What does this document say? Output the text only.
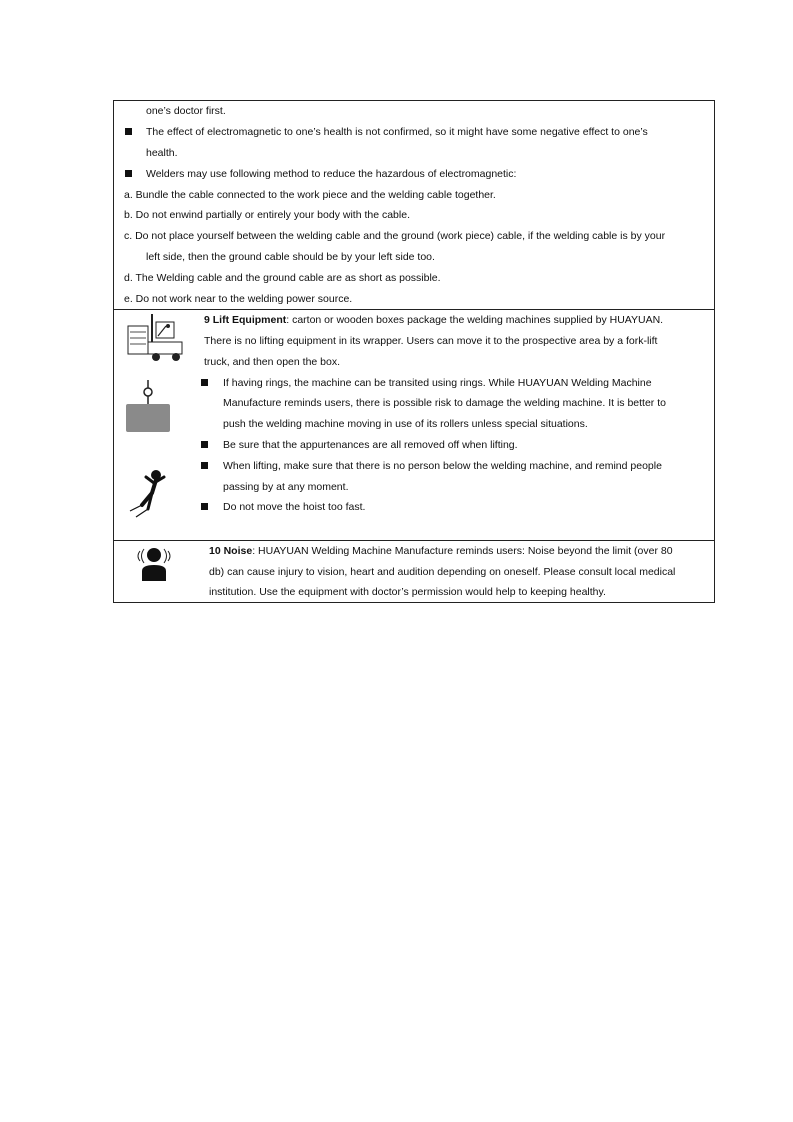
one’s doctor first.
The effect of electromagnetic to one’s health is not confirmed, so it might have some negative effect to one’s
health.
Welders may use following method to reduce the hazardous of electromagnetic:
a. Bundle the cable connected to the work piece and the welding cable together.
b. Do not enwind partially or entirely your body with the cable.
c. Do not place yourself between the welding cable and the ground (work piece) cable, if the welding cable is by your
left side, then the ground cable should be by your left side too.
d. The Welding cable and the ground cable are as short as possible.
e. Do not work near to the welding power source.
9 Lift Equipment: carton or wooden boxes package the welding machines supplied by HUAYUAN.
There is no lifting equipment in its wrapper. Users can move it to the prospective area by a fork-lift
truck, and then open the box.
If having rings, the machine can be transited using rings. While HUAYUAN Welding Machine
Manufacture reminds users, there is possible risk to damage the welding machine. It is better to
push the welding machine moving in use of its rollers unless special situations.
Be sure that the appurtenances are all removed off when lifting.
When lifting, make sure that there is no person below the welding machine, and remind people
passing by at any moment.
Do not move the hoist too fast.
10 Noise: HUAYUAN Welding Machine Manufacture reminds users: Noise beyond the limit (over 80
db) can cause injury to vision, heart and audition depending on oneself. Please consult local medical
institution. Use the equipment with doctor’s permission would help to keeping healthy.
